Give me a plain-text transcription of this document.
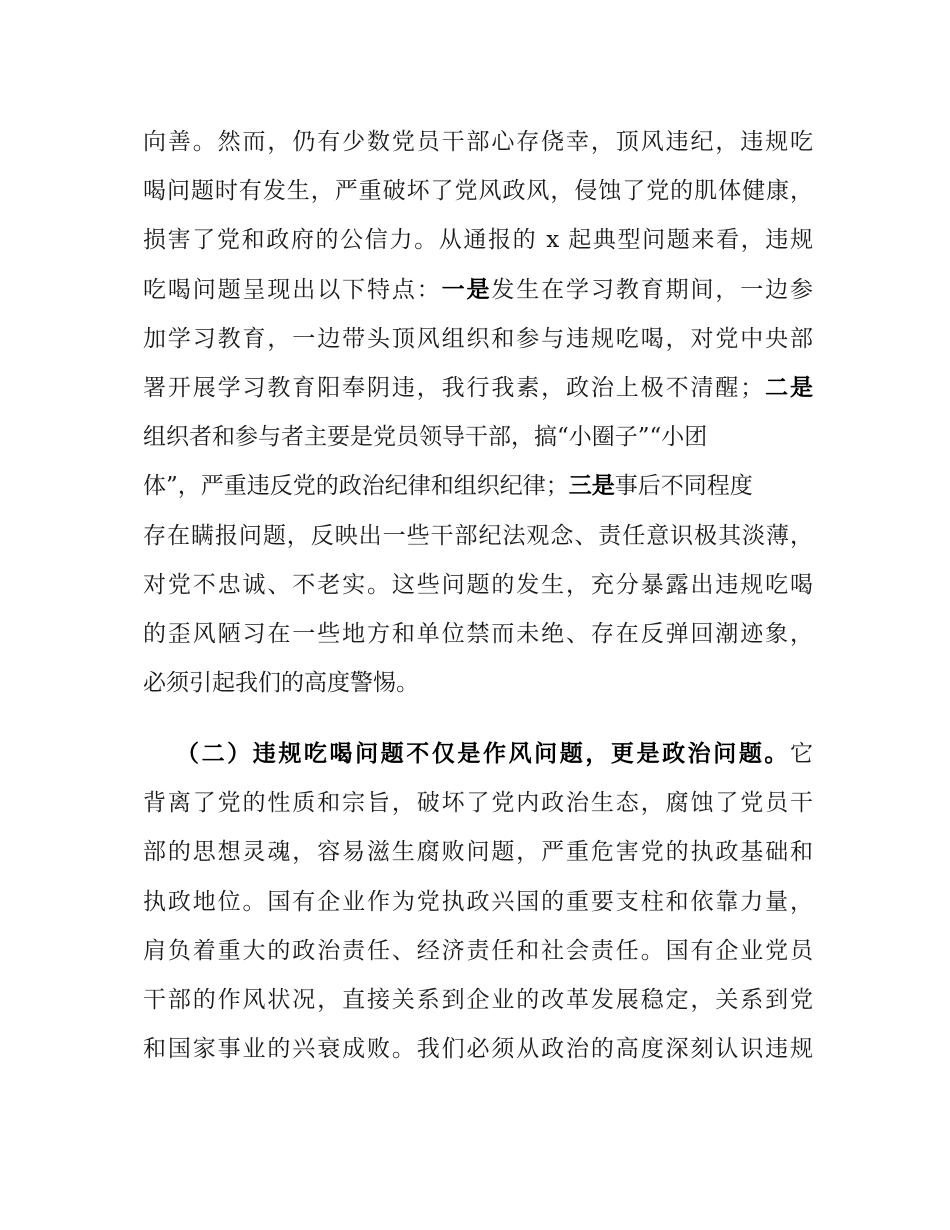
向善。然而，仍有少数党员干部心存侥幸，顶风违纪，违规吃
喝问题时有发生，严重破坏了党风政风，侵蚀了党的肌体健康，
损害了党和政府的公信力。从通报的 x 起典型问题来看，违规
吃喝问题呈现出以下特点：一是发生在学习教育期间，一边参
加学习教育，一边带头顶风组织和参与违规吃喝，对党中央部
署开展学习教育阳奉阴违，我行我素，政治上极不清醒；二是
组织者和参与者主要是党员领导干部，搞“小圈子”“小团
体”，严重违反党的政治纪律和组织纪律；三是事后不同程度
存在瞒报问题，反映出一些干部纪法观念、责任意识极其淡薄，
对党不忠诚、不老实。这些问题的发生，充分暴露出违规吃喝
的歪风陋习在一些地方和单位禁而未绝、存在反弹回潮迹象，
必须引起我们的高度警惕。
（二）违规吃喝问题不仅是作风问题，更是政治问题。它
背离了党的性质和宗旨，破坏了党内政治生态，腐蚀了党员干
部的思想灵魂，容易滋生腐败问题，严重危害党的执政基础和
执政地位。国有企业作为党执政兴国的重要支柱和依靠力量，
肩负着重大的政治责任、经济责任和社会责任。国有企业党员
干部的作风状况，直接关系到企业的改革发展稳定，关系到党
和国家事业的兴衰成败。我们必须从政治的高度深刻认识违规
